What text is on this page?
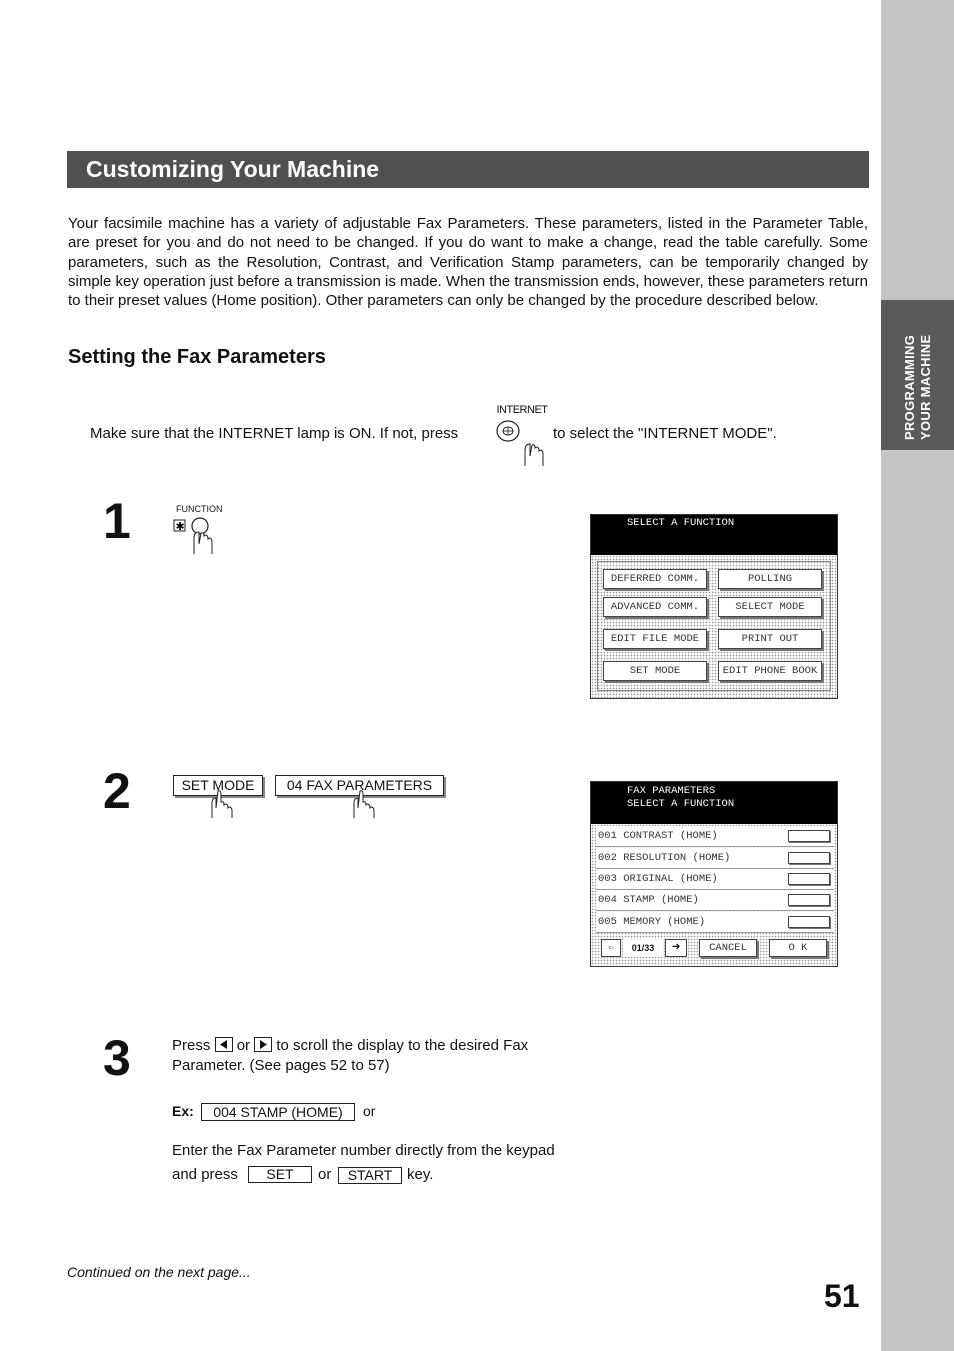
PROGRAMMING YOUR MACHINE
Customizing Your Machine

Your facsimile machine has a variety of adjustable Fax Parameters. These parameters, listed in the Parameter Table, are preset for you and do not need to be changed. If you do want to make a change, read the table carefully. Some parameters, such as the Resolution, Contrast, and Verification Stamp parameters, can be temporarily changed by simple key operation just before a transmission is made. When the transmission ends, however, these parameters return to their preset values (Home position). Other parameters can only be changed by the procedure described below.

Setting the Fax Parameters
Make sure that the INTERNET lamp is ON. If not, press
INTERNET
to select the "INTERNET MODE".
1	FUNCTION
✱	SELECT A FUNCTION
DEFERRED COMM.	POLLING
ADVANCED COMM.	SELECT MODE
EDIT FILE MODE	PRINT OUT
SET MODE	EDIT PHONE BOOK
2	SET MODE	04 FAX PARAMETERS	FAX PARAMETERS
SELECT A FUNCTION
001 CONTRAST (HOME)
002 RESOLUTION (HOME)
003 ORIGINAL (HOME)
004 STAMP (HOME)
005 MEMORY (HOME)
⇦	01/33	➜	CANCEL	O K
3	Press or to scroll the display to the desired Fax
Parameter. (See pages 52 to 57)
Ex:	004 STAMP (HOME)	or
Enter the Fax Parameter number directly from the keypad
and press	SET	or	START key.
Continued on the next page...
51
